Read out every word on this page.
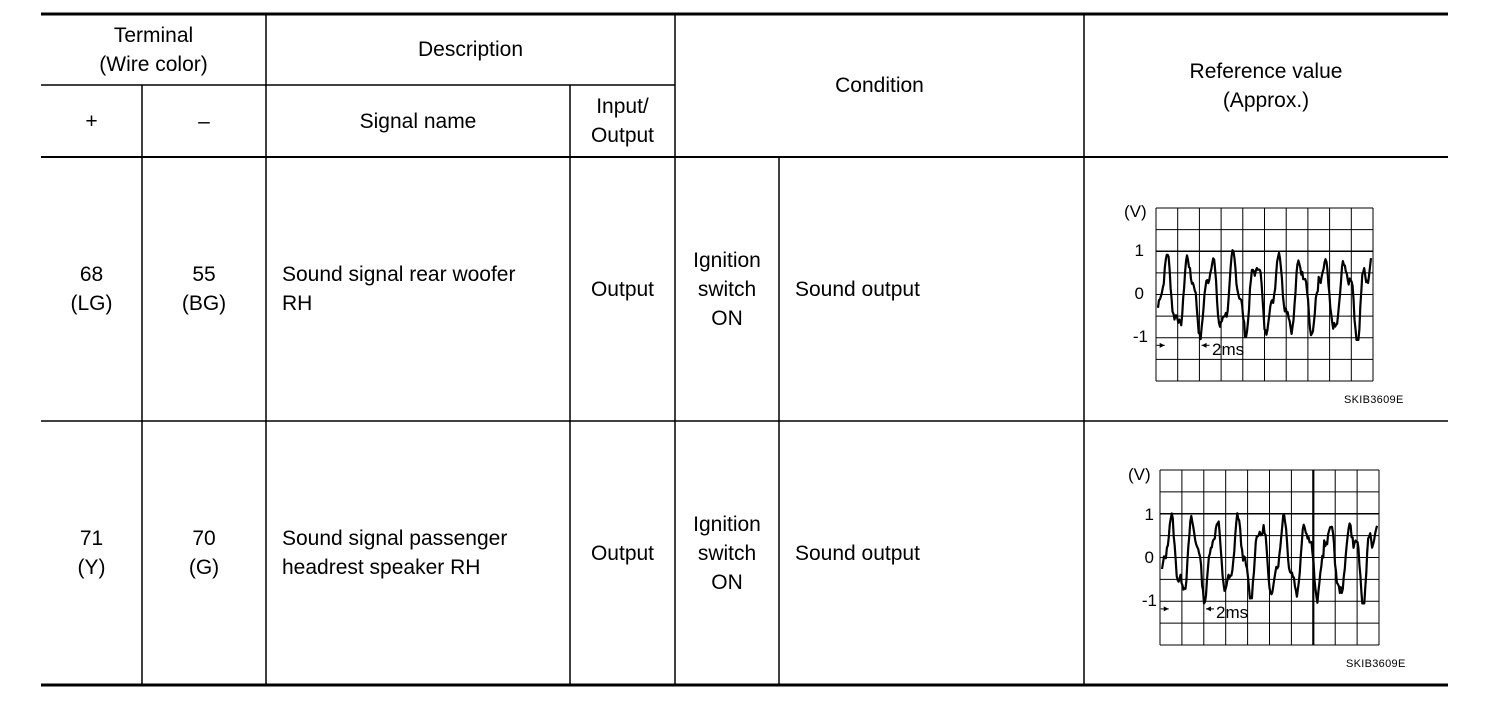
Terminal
(Wire color)
Description
Condition
Reference value
(Approx.)
+	–	Signal name
Input/
Output
68
(LG)
55
(BG)
Sound signal rear woofer
RH
Output
Ignition
switch
ON
Sound output
(V)
1
0
-1
2ms
SKIB3609E
71
(Y)
70
(G)
Sound signal passenger
headrest speaker RH
Output
Ignition
switch
ON
Sound output
(V)
1
0
-1
2ms
SKIB3609E
